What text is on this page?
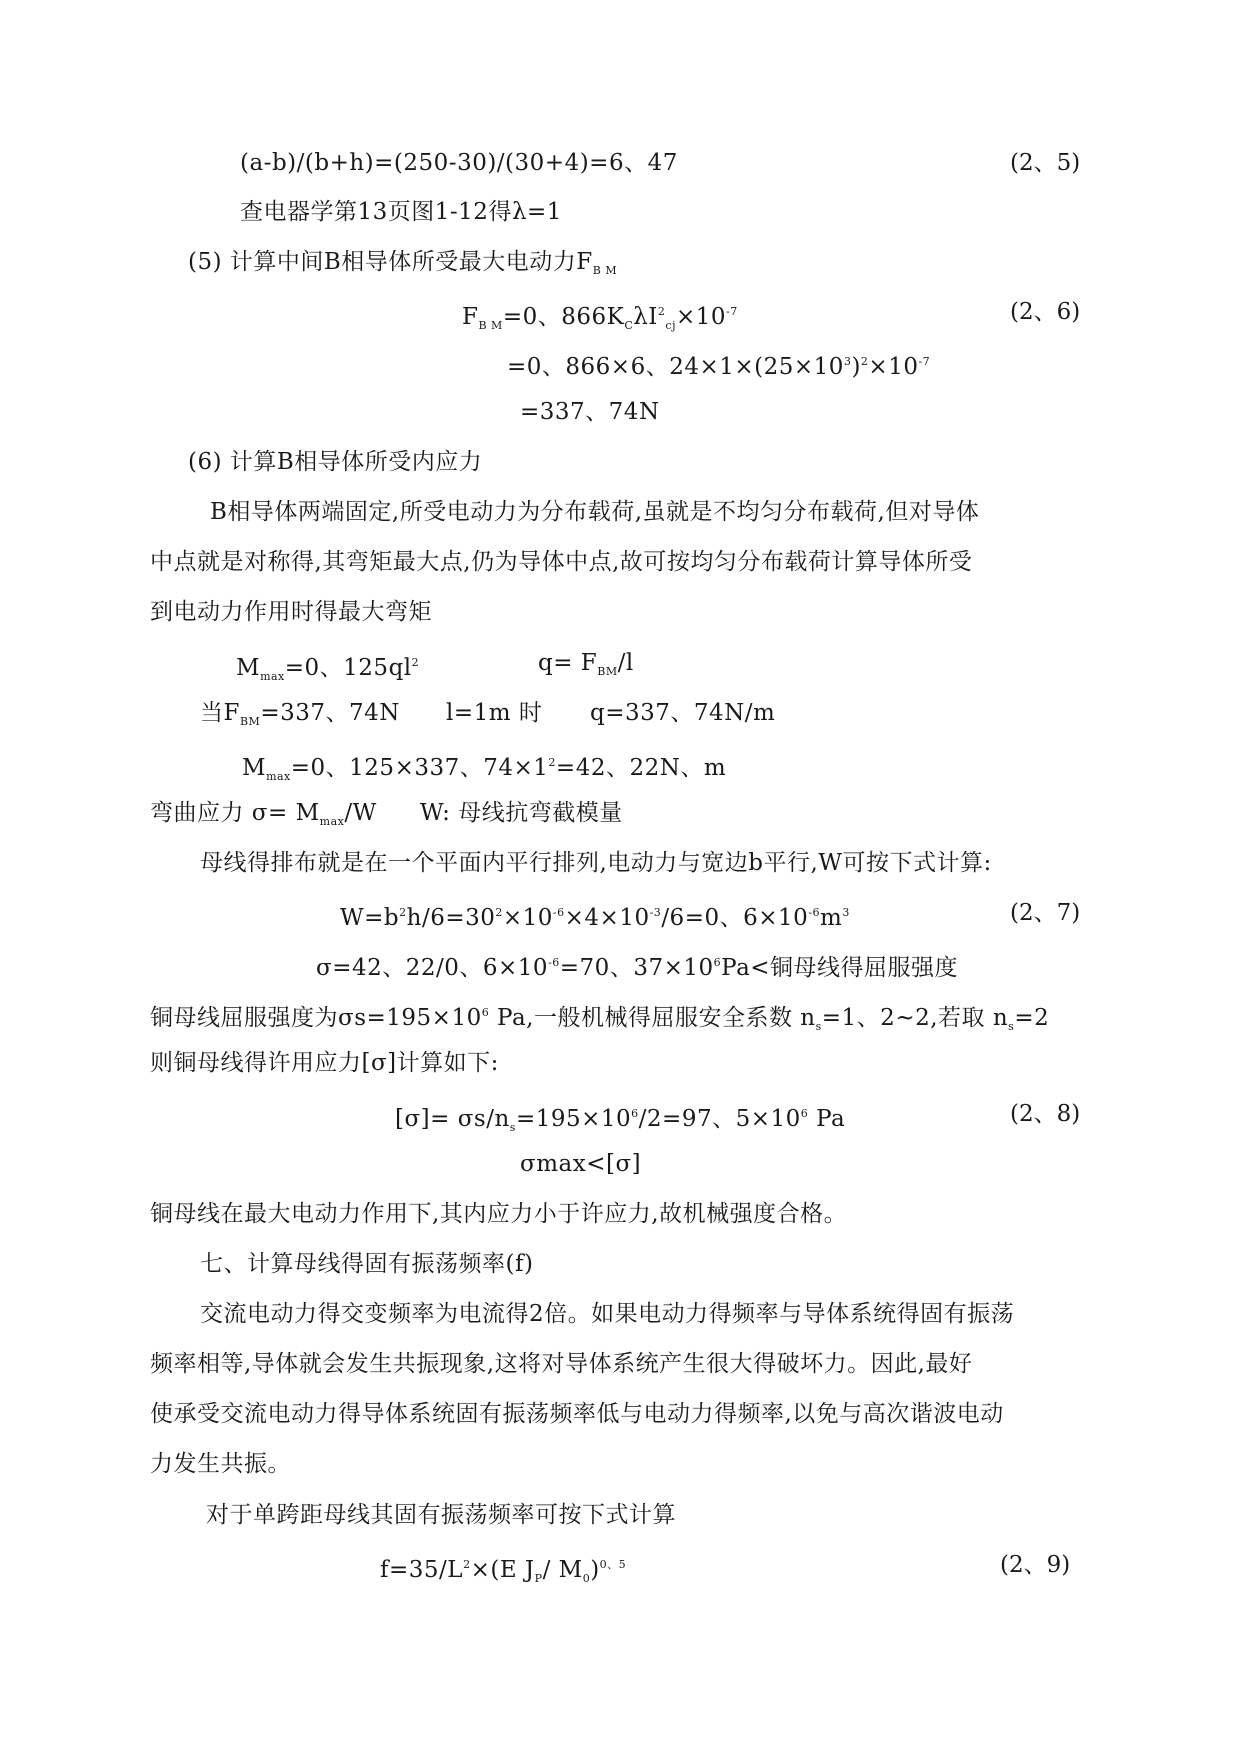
(a-b)/(b+h)=(250-30)/(30+4)=6、47	(2、5)
查电器学第13页图1-12得λ=1
(5) 计算中间B相导体所受最大电动力$F_{B M}$
$F_{B M}=0$、$866K_C\lambda I^2_{cj}\times 10^{-7}$	(2、6)
=0、866×6、$24\times 1\times(25\times 10^3)^2\times 10^{-7}$
=337、74N
(6) 计算B相导体所受内应力
B相导体两端固定,所受电动力为分布载荷,虽就是不均匀分布载荷,但对导体
中点就是对称得,其弯矩最大点,仍为导体中点,故可按均匀分布载荷计算导体所受
到电动力作用时得最大弯矩
$M_{max}=0$、$125ql^2$	$q= F_{BM}/l$
当$F_{BM}=337$、74N l=1m 时 q=337、74N/m
$M_{max}=0$、125×337、$74\times 1^2=42$、22N、m
弯曲应力 $\sigma= M_{max}/W$ W: 母线抗弯截模量
母线得排布就是在一个平面内平行排列,电动力与宽边b平行,W可按下式计算:
$W=b^2h/6=30^2\times 10^{-6}\times 4\times 10^{-3}/6=0$、$6\times 10^{-6}m^3$	(2、7)
σ=42、22/0、$6\times 10^{-6}=70$、$37\times 10^6Pa<$铜母线得屈服强度
铜母线屈服强度为$\sigma s=195\times 10^6$ Pa,一般机械得屈服安全系数 $n_s=1$、2~2,若取 $n_s=2$
则铜母线得许用应力[σ]计算如下:
$[\sigma]= \sigma s/n_s=195\times 10^6/2=97$、$5\times 10^6$ Pa	(2、8)
σmax<[σ]
铜母线在最大电动力作用下,其内应力小于许应力,故机械强度合格。
七、计算母线得固有振荡频率(f)
交流电动力得交变频率为电流得2倍。如果电动力得频率与导体系统得固有振荡
频率相等,导体就会发生共振现象,这将对导体系统产生很大得破坏力。因此,最好
使承受交流电动力得导体系统固有振荡频率低与电动力得频率,以免与高次谐波电动
力发生共振。
对于单跨距母线其固有振荡频率可按下式计算
$f=35/L^2\times(E$ $J_P/$ $M_0)^{0、5}$	(2、9)
